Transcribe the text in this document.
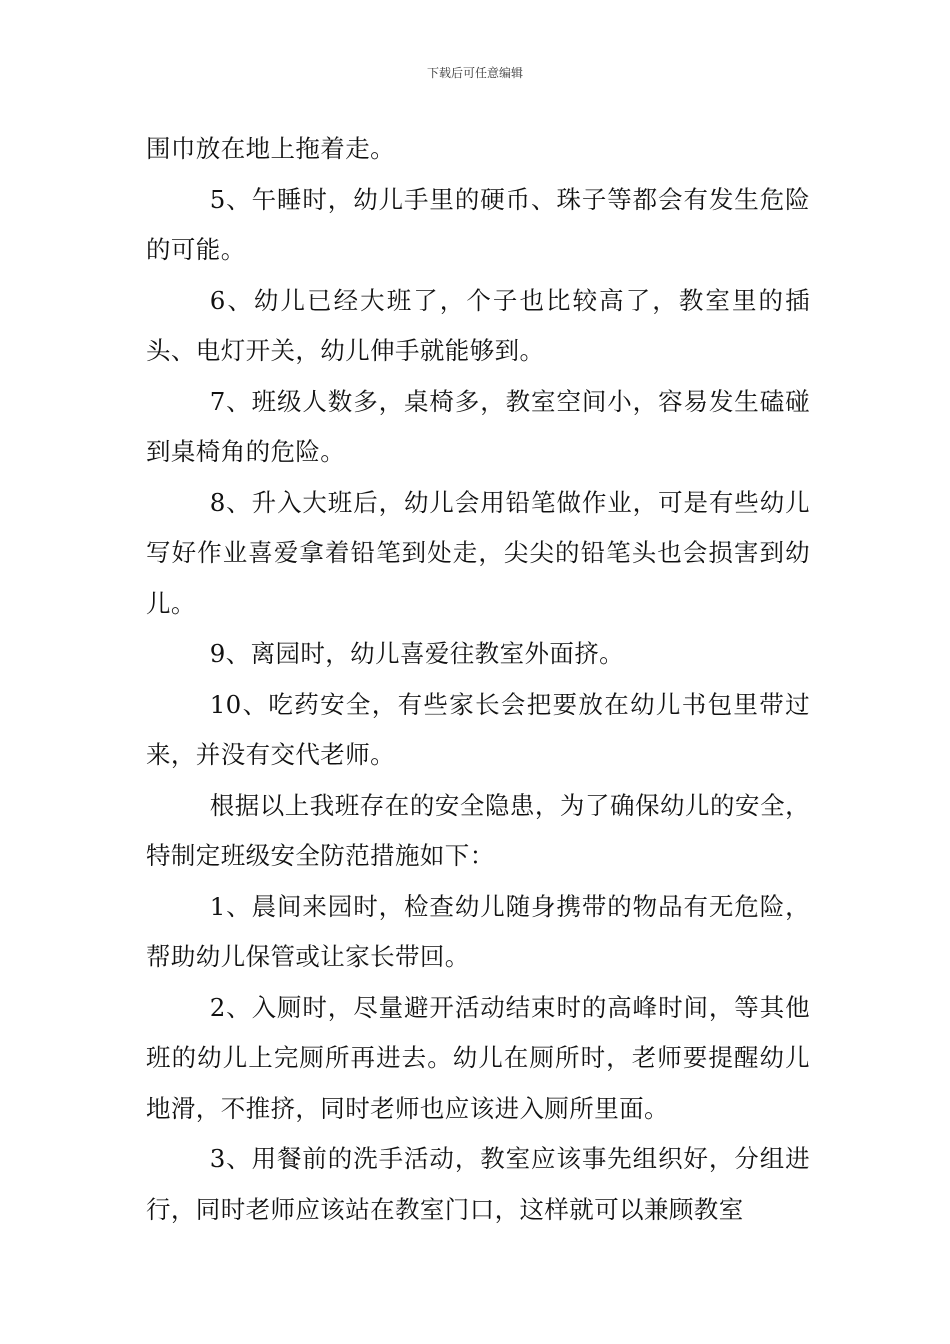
下载后可任意编辑

围巾放在地上拖着走。

5、午睡时，幼儿手里的硬币、珠子等都会有发生危险的可能。

6、幼儿已经大班了，个子也比较高了，教室里的插头、电灯开关，幼儿伸手就能够到。

7、班级人数多，桌椅多，教室空间小，容易发生磕碰到桌椅角的危险。

8、升入大班后，幼儿会用铅笔做作业，可是有些幼儿写好作业喜爱拿着铅笔到处走，尖尖的铅笔头也会损害到幼儿。

9、离园时，幼儿喜爱往教室外面挤。

10、吃药安全，有些家长会把要放在幼儿书包里带过来，并没有交代老师。

根据以上我班存在的安全隐患，为了确保幼儿的安全，特制定班级安全防范措施如下：

1、晨间来园时，检查幼儿随身携带的物品有无危险，帮助幼儿保管或让家长带回。

2、入厕时，尽量避开活动结束时的高峰时间，等其他班的幼儿上完厕所再进去。幼儿在厕所时，老师要提醒幼儿地滑，不推挤，同时老师也应该进入厕所里面。

3、用餐前的洗手活动，教室应该事先组织好，分组进行，同时老师应该站在教室门口，这样就可以兼顾教室
